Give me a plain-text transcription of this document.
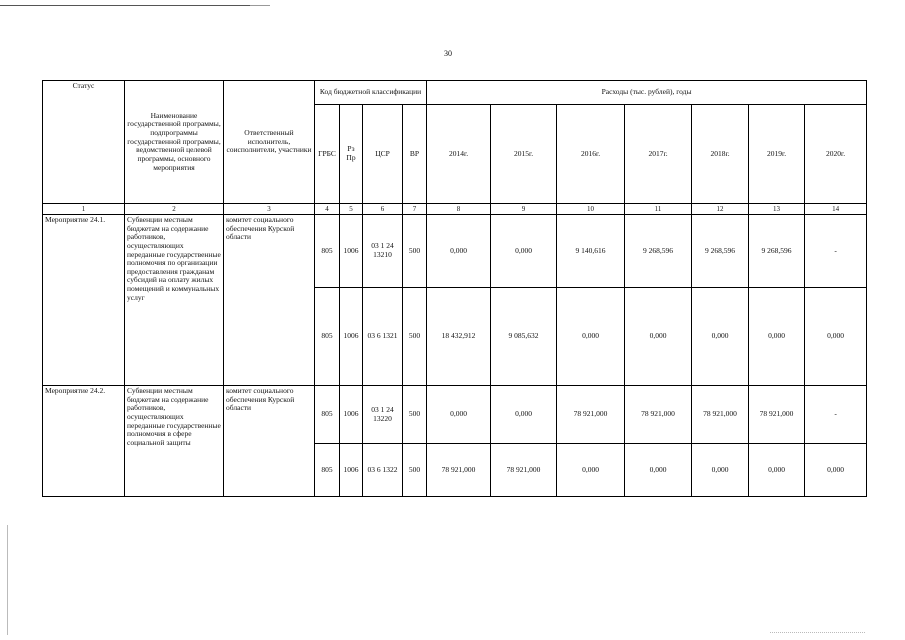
30
Статус	Наименование государственной программы, подпрограммы государственной программы, ведомственной целевой программы, основного мероприятия	Ответственный исполнитель, соисполнители, участники	Код бюджетной классификации				Расходы (тыс. рублей), годы						
			ГРБС	Рз Пр	ЦСР	ВР	2014г.	2015г.	2016г.	2017г.	2018г.	2019г.	2020г.
1	2	3	4	5	6	7	8	9	10	11	12	13	14
Мероприятие 24.1.	Субвенции местным бюджетам на содержание работников, осуществляющих переданные государственные полномочия по организации предоставления гражданам субсидий на оплату жилых помещений и коммунальных услуг	комитет социального обеспечения Курской области	805	1006	03 1 24 13210	500	0,000	0,000	9 140,616	9 268,596	9 268,596	9 268,596	-
			805	1006	03 6 1321	500	18 432,912	9 085,632	0,000	0,000	0,000	0,000	0,000
Мероприятие 24.2.	Субвенции местным бюджетам на содержание работников, осуществляющих переданные государственные полномочия в сфере социальной защиты	комитет социального обеспечения Курской области	805	1006	03 1 24 13220	500	0,000	0,000	78 921,000	78 921,000	78 921,000	78 921,000	-
			805	1006	03 6 1322	500	78 921,000	78 921,000	0,000	0,000	0,000	0,000	0,000
